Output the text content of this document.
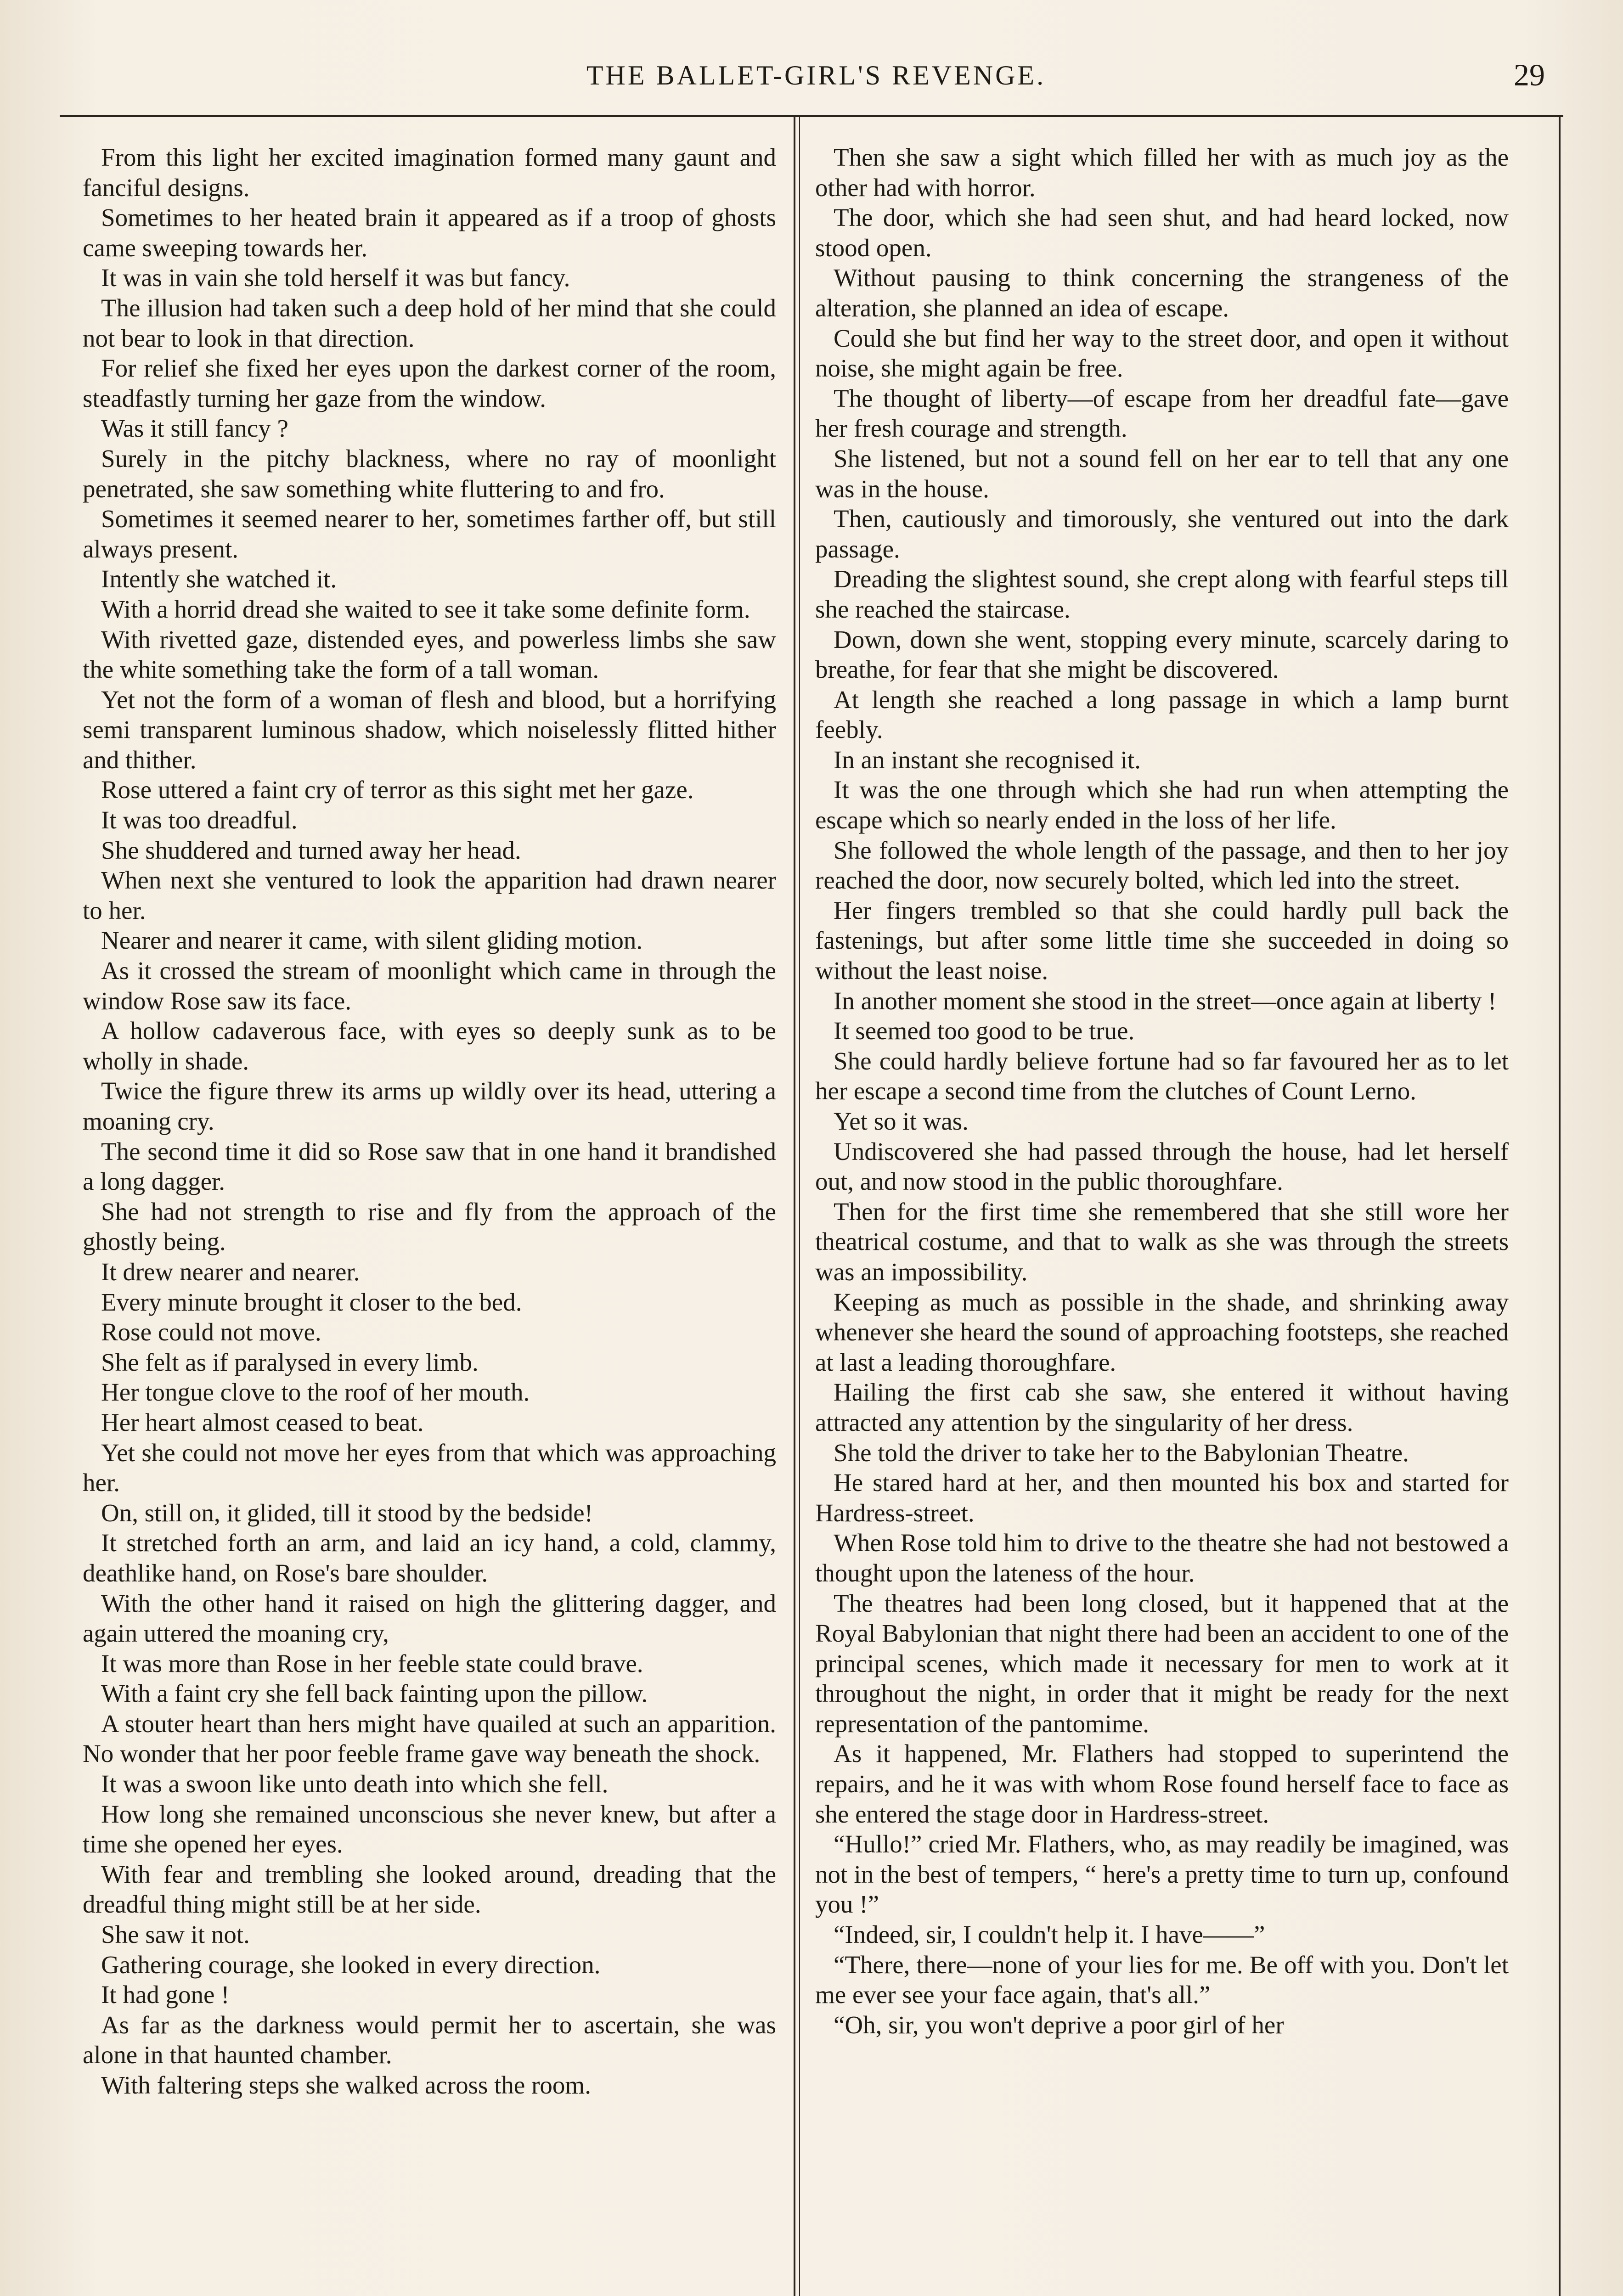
THE BALLET-GIRL'S REVENGE.	29

From this light her excited imagination formed many gaunt and fanciful designs.

Sometimes to her heated brain it appeared as if a troop of ghosts came sweeping towards her.

It was in vain she told herself it was but fancy.

The illusion had taken such a deep hold of her mind that she could not bear to look in that direction.

For relief she fixed her eyes upon the darkest corner of the room, steadfastly turning her gaze from the window.

Was it still fancy ?

Surely in the pitchy blackness, where no ray of moonlight penetrated, she saw something white fluttering to and fro.

Sometimes it seemed nearer to her, sometimes farther off, but still always present.

Intently she watched it.

With a horrid dread she waited to see it take some definite form.

With rivetted gaze, distended eyes, and powerless limbs she saw the white something take the form of a tall woman.

Yet not the form of a woman of flesh and blood, but a horrifying semi transparent luminous shadow, which noiselessly flitted hither and thither.

Rose uttered a faint cry of terror as this sight met her gaze.

It was too dreadful.

She shuddered and turned away her head.

When next she ventured to look the apparition had drawn nearer to her.

Nearer and nearer it came, with silent gliding motion.

As it crossed the stream of moonlight which came in through the window Rose saw its face.

A hollow cadaverous face, with eyes so deeply sunk as to be wholly in shade.

Twice the figure threw its arms up wildly over its head, uttering a moaning cry.

The second time it did so Rose saw that in one hand it brandished a long dagger.

She had not strength to rise and fly from the approach of the ghostly being.

It drew nearer and nearer.

Every minute brought it closer to the bed.

Rose could not move.

She felt as if paralysed in every limb.

Her tongue clove to the roof of her mouth.

Her heart almost ceased to beat.

Yet she could not move her eyes from that which was approaching her.

On, still on, it glided, till it stood by the bedside!

It stretched forth an arm, and laid an icy hand, a cold, clammy, deathlike hand, on Rose's bare shoulder.

With the other hand it raised on high the glittering dagger, and again uttered the moaning cry,

It was more than Rose in her feeble state could brave.

With a faint cry she fell back fainting upon the pillow.

A stouter heart than hers might have quailed at such an apparition. No wonder that her poor feeble frame gave way beneath the shock.

It was a swoon like unto death into which she fell.

How long she remained unconscious she never knew, but after a time she opened her eyes.

With fear and trembling she looked around, dreading that the dreadful thing might still be at her side.

She saw it not.

Gathering courage, she looked in every direction.

It had gone !

As far as the darkness would permit her to ascertain, she was alone in that haunted chamber.

With faltering steps she walked across the room.

Then she saw a sight which filled her with as much joy as the other had with horror.

The door, which she had seen shut, and had heard locked, now stood open.

Without pausing to think concerning the strangeness of the alteration, she planned an idea of escape.

Could she but find her way to the street door, and open it without noise, she might again be free.

The thought of liberty—of escape from her dreadful fate—gave her fresh courage and strength.

She listened, but not a sound fell on her ear to tell that any one was in the house.

Then, cautiously and timorously, she ventured out into the dark passage.

Dreading the slightest sound, she crept along with fearful steps till she reached the staircase.

Down, down she went, stopping every minute, scarcely daring to breathe, for fear that she might be discovered.

At length she reached a long passage in which a lamp burnt feebly.

In an instant she recognised it.

It was the one through which she had run when attempting the escape which so nearly ended in the loss of her life.

She followed the whole length of the passage, and then to her joy reached the door, now securely bolted, which led into the street.

Her fingers trembled so that she could hardly pull back the fastenings, but after some little time she succeeded in doing so without the least noise.

In another moment she stood in the street—once again at liberty !

It seemed too good to be true.

She could hardly believe fortune had so far favoured her as to let her escape a second time from the clutches of Count Lerno.

Yet so it was.

Undiscovered she had passed through the house, had let herself out, and now stood in the public thoroughfare.

Then for the first time she remembered that she still wore her theatrical costume, and that to walk as she was through the streets was an impossibility.

Keeping as much as possible in the shade, and shrinking away whenever she heard the sound of approaching footsteps, she reached at last a leading thoroughfare.

Hailing the first cab she saw, she entered it without having attracted any attention by the singularity of her dress.

She told the driver to take her to the Babylonian Theatre.

He stared hard at her, and then mounted his box and started for Hardress-street.

When Rose told him to drive to the theatre she had not bestowed a thought upon the lateness of the hour.

The theatres had been long closed, but it happened that at the Royal Babylonian that night there had been an accident to one of the principal scenes, which made it necessary for men to work at it throughout the night, in order that it might be ready for the next representation of the pantomime.

As it happened, Mr. Flathers had stopped to superintend the repairs, and he it was with whom Rose found herself face to face as she entered the stage door in Hardress-street.

“Hullo!” cried Mr. Flathers, who, as may readily be imagined, was not in the best of tempers, “ here's a pretty time to turn up, confound you !”

“Indeed, sir, I couldn't help it. I have——”

“There, there—none of your lies for me. Be off with you. Don't let me ever see your face again, that's all.”

“Oh, sir, you won't deprive a poor girl of her
